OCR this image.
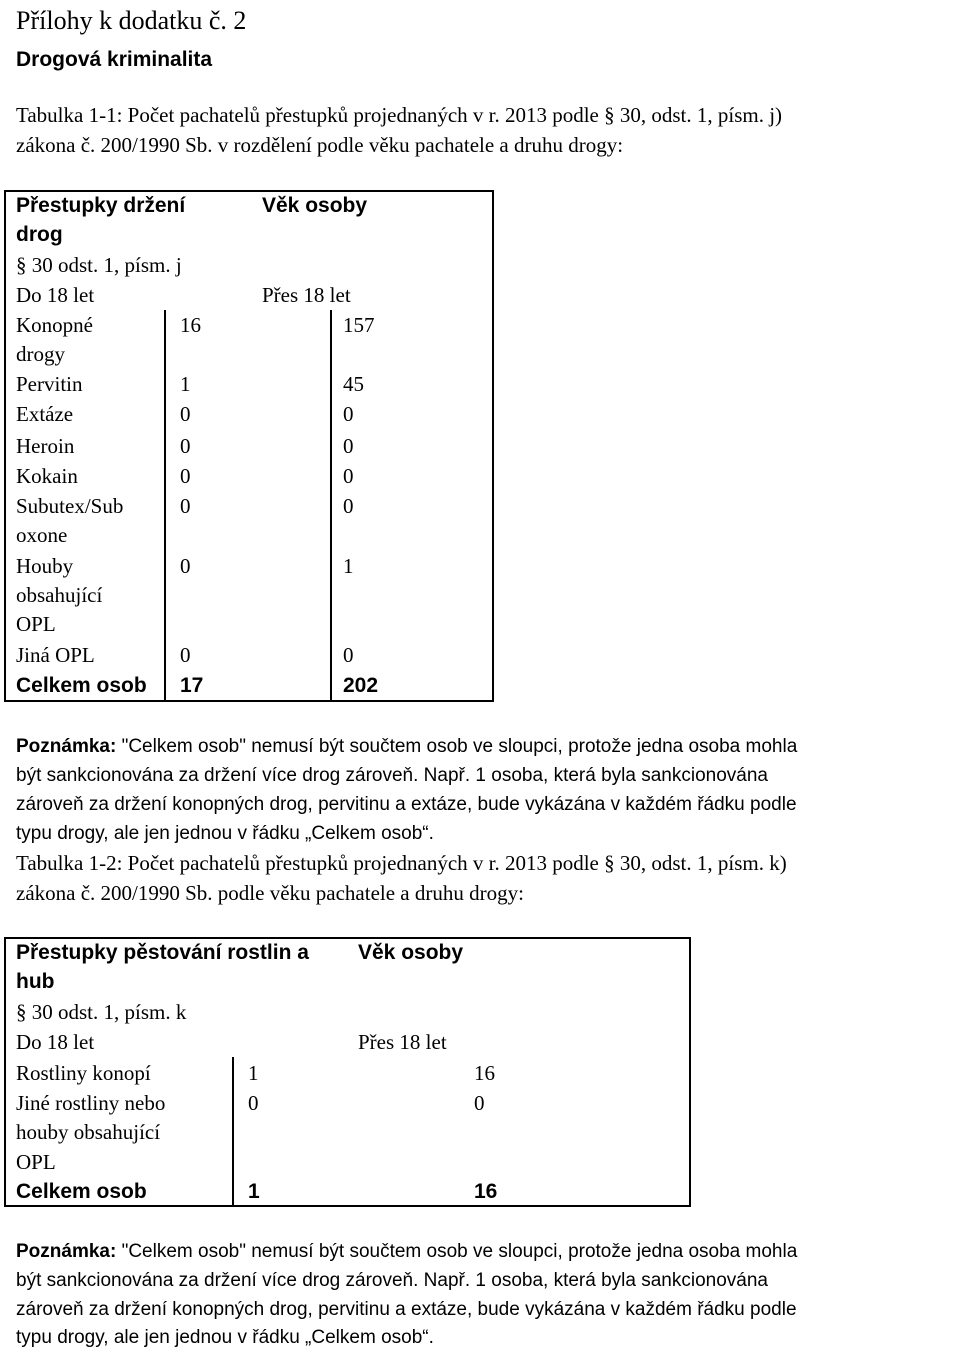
Přílohy k dodatku č. 2
Drogová kriminalita
Tabulka 1-1: Počet pachatelů přestupků projednaných v r. 2013 podle § 30, odst. 1, písm. j)
zákona č. 200/1990 Sb. v rozdělení podle věku pachatele a druhu drogy:
Přestupky držení
drog
§ 30 odst. 1, písm. j
Věk osoby
Do 18 let	Přes 18 let
Konopné
drogy
16	157
Pervitin	1	45
Extáze	0	0
Heroin	0	0
Kokain	0	0
Subutex/Sub
oxone
0	0
Houby
obsahující
OPL
0	1
Jiná OPL	0	0
Celkem osob 17	202
Poznámka: "Celkem osob" nemusí být součtem osob ve sloupci, protože jedna osoba mohla
být sankcionována za držení více drog zároveň. Např. 1 osoba, která byla sankcionována
zároveň za držení konopných drog, pervitinu a extáze, bude vykázána v každém řádku podle
typu drogy, ale jen jednou v řádku „Celkem osob“.
Tabulka 1-2: Počet pachatelů přestupků projednaných v r. 2013 podle § 30, odst. 1, písm. k)
zákona č. 200/1990 Sb. podle věku pachatele a druhu drogy:
Přestupky pěstování rostlin a
hub
§ 30 odst. 1, písm. k
Věk osoby
Do 18 let	Přes 18 let
Rostliny konopí	1	16
Jiné rostliny nebo
houby obsahující
OPL
0	0
Celkem osob	1	16
Poznámka: "Celkem osob" nemusí být součtem osob ve sloupci, protože jedna osoba mohla
být sankcionována za držení více drog zároveň. Např. 1 osoba, která byla sankcionována
zároveň za držení konopných drog, pervitinu a extáze, bude vykázána v každém řádku podle
typu drogy, ale jen jednou v řádku „Celkem osob“.
